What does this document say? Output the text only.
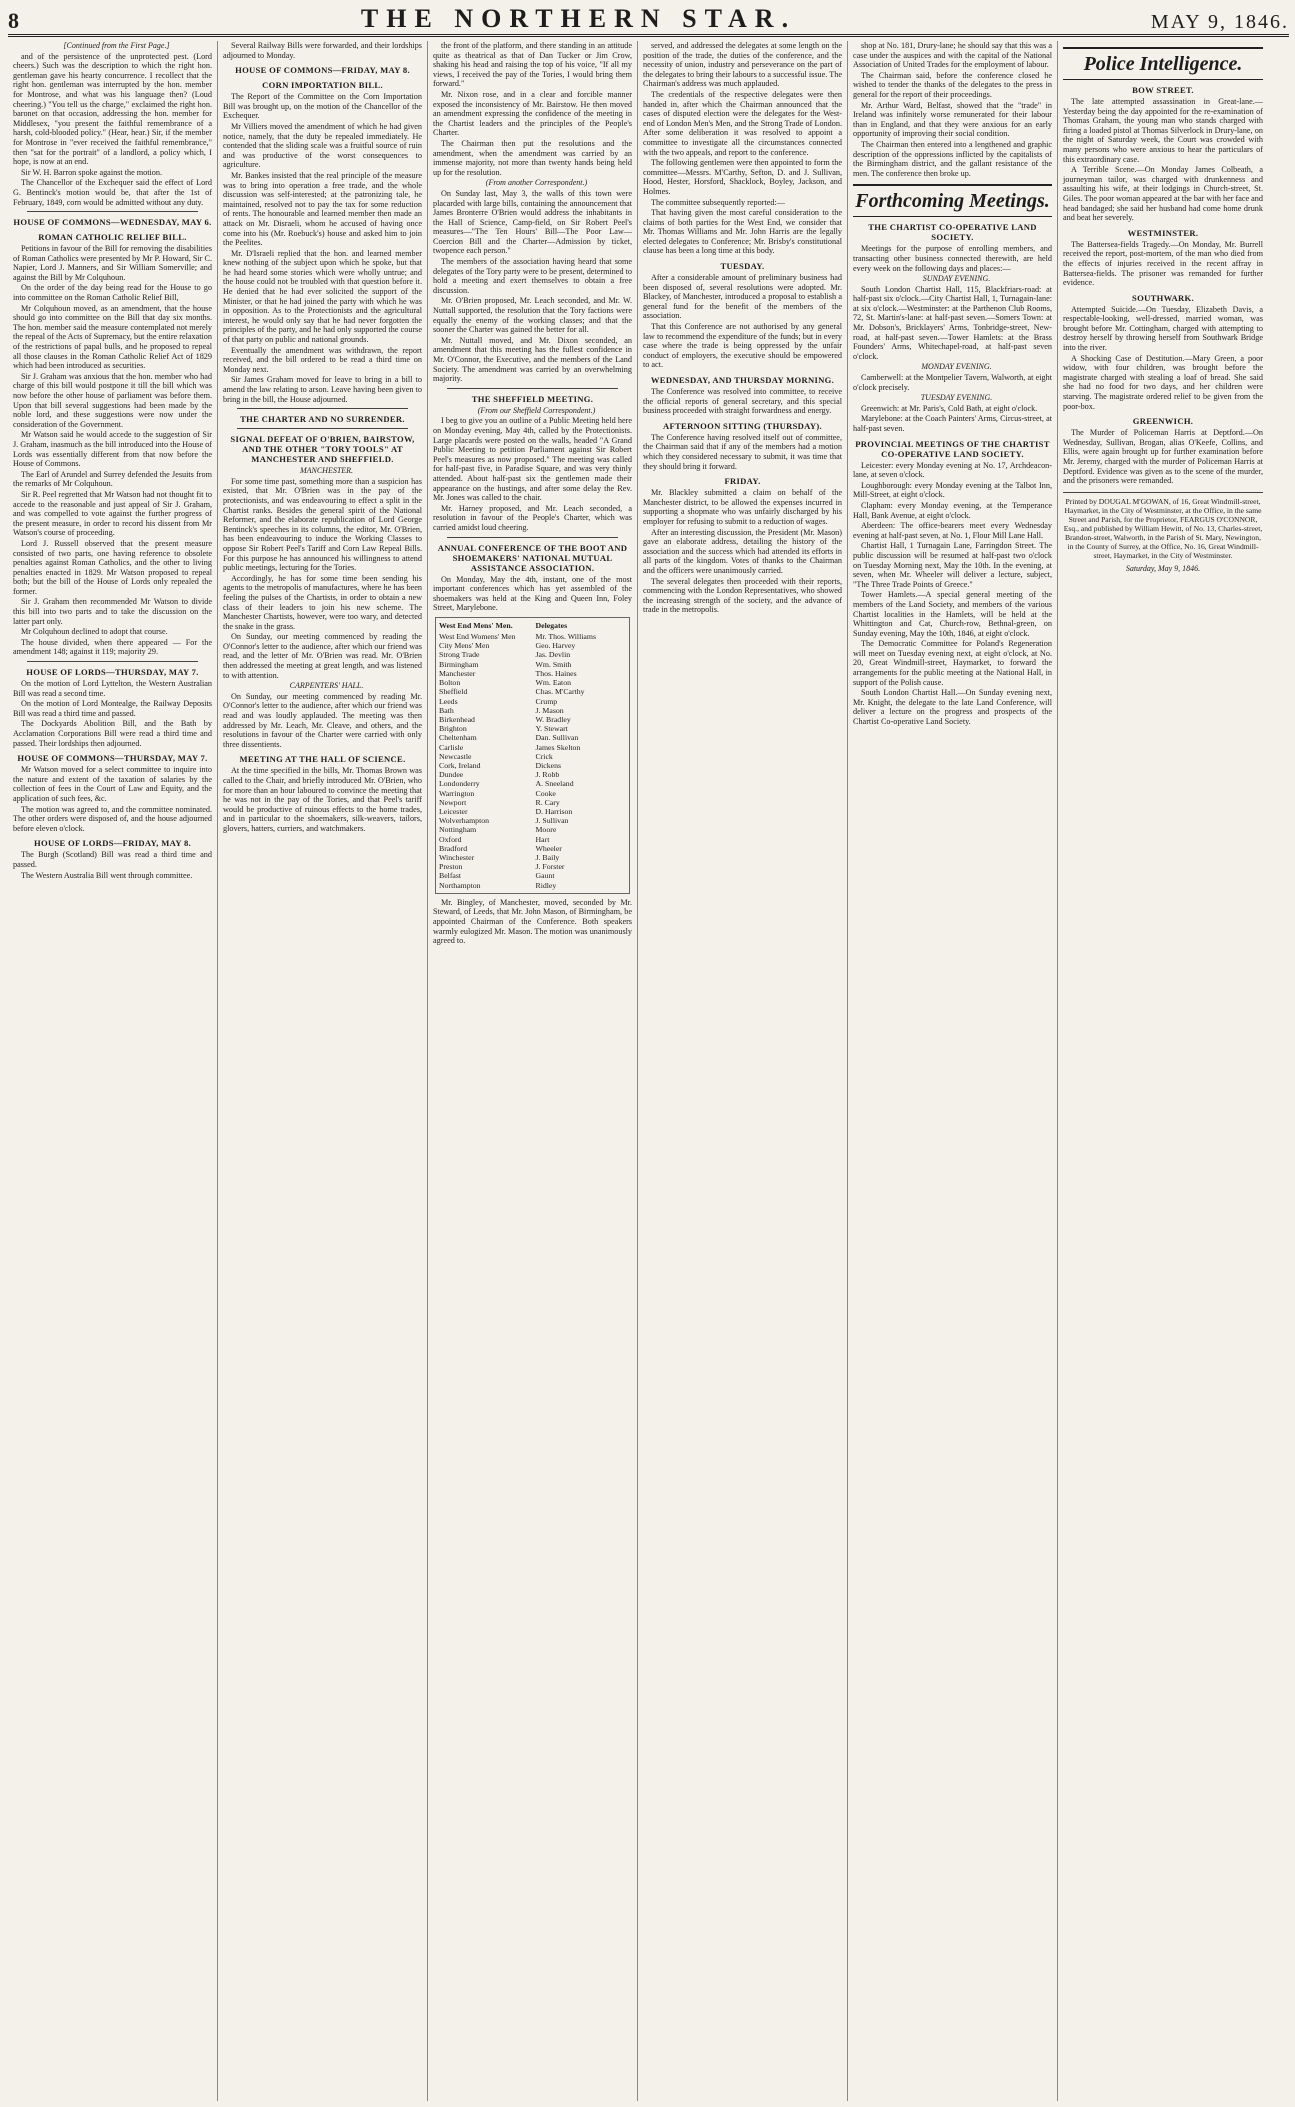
8	THE NORTHERN STAR.	MAY 9, 1846.

[Continued from the First Page.]

and of the persistence of the unprotected pest. (Lord cheers.) Such was the description to which the right hon. gentleman gave his hearty concurrence. I recollect that the right hon. gentleman was interrupted by the hon. member for Montrose, and what was his language then? (Loud cheering.) "You tell us the charge," exclaimed the right hon. baronet on that occasion, addressing the hon. member for Middlesex, "you present the faithful remembrance of a harsh, cold-blooded policy." (Hear, hear.) Sir, if the member for Montrose in "ever received the faithful remembrance," then "sat for the portrait" of a landlord, a policy which, I hope, is now at an end.

Sir W. H. Barron spoke against the motion.

The Chancellor of the Exchequer said the effect of Lord G. Bentinck's motion would be, that after the 1st of February, 1849, corn would be admitted without any duty.

HOUSE OF COMMONS—WEDNESDAY, MAY 6.
ROMAN CATHOLIC RELIEF BILL.

Petitions in favour of the Bill for removing the disabilities of Roman Catholics were presented by Mr P. Howard, Sir C. Napier, Lord J. Manners, and Sir William Somerville; and against the Bill by Mr Colquhoun.

On the order of the day being read for the House to go into committee on the Roman Catholic Relief Bill,

Mr Colquhoun moved, as an amendment, that the house should go into committee on the Bill that day six months. The hon. member said the measure contemplated not merely the repeal of the Acts of Supremacy, but the entire relaxation of the restrictions of papal bulls, and he proposed to repeal all those clauses in the Roman Catholic Relief Act of 1829 which had been introduced as securities.

Sir J. Graham was anxious that the hon. member who had charge of this bill would postpone it till the bill which was now before the other house of parliament was before them. Upon that bill several suggestions had been made by the noble lord, and these suggestions were now under the consideration of the Government.

Mr Watson said he would accede to the suggestion of Sir J. Graham, inasmuch as the bill introduced into the House of Lords was essentially different from that now before the House of Commons.

The Earl of Arundel and Surrey defended the Jesuits from the remarks of Mr Colquhoun.

Sir R. Peel regretted that Mr Watson had not thought fit to accede to the reasonable and just appeal of Sir J. Graham, and was compelled to vote against the further progress of the present measure, in order to record his dissent from Mr Watson's course of proceeding.

Lord J. Russell observed that the present measure consisted of two parts, one having reference to obsolete penalties against Roman Catholics, and the other to living penalties enacted in 1829. Mr Watson proposed to repeal both; but the bill of the House of Lords only repealed the former.

Sir J. Graham then recommended Mr Watson to divide this bill into two parts and to take the discussion on the latter part only.

Mr Colquhoun declined to adopt that course.

The house divided, when there appeared — For the amendment 148; against it 119; majority 29.

HOUSE OF LORDS—THURSDAY, MAY 7.

On the motion of Lord Lyttelton, the Western Australian Bill was read a second time.

On the motion of Lord Montealge, the Railway Deposits Bill was read a third time and passed.

The Dockyards Abolition Bill, and the Bath by Acclamation Corporations Bill were read a third time and passed. Their lordships then adjourned.

HOUSE OF COMMONS—THURSDAY, MAY 7.

Mr Watson moved for a select committee to inquire into the nature and extent of the taxation of salaries by the collection of fees in the Court of Law and Equity, and the application of such fees, &c.

The motion was agreed to, and the committee nominated. The other orders were disposed of, and the house adjourned before eleven o'clock.

HOUSE OF LORDS—FRIDAY, MAY 8.

The Burgh (Scotland) Bill was read a third time and passed.

The Western Australia Bill went through committee.

Several Railway Bills were forwarded, and their lordships adjourned to Monday.

HOUSE OF COMMONS—FRIDAY, MAY 8.
CORN IMPORTATION BILL.

The Report of the Committee on the Corn Importation Bill was brought up, on the motion of the Chancellor of the Exchequer.

Mr Villiers moved the amendment of which he had given notice, namely, that the duty be repealed immediately. He contended that the sliding scale was a fruitful source of ruin and was productive of the worst consequences to agriculture.

Mr. Bankes insisted that the real principle of the measure was to bring into operation a free trade, and the whole discussion was self-interested; at the patronizing tale, he maintained, resolved not to pay the tax for some reduction of rents. The honourable and learned member then made an attack on Mr. Disraeli, whom he accused of having once come into his (Mr. Roebuck's) house and asked him to join the Peelites.

Mr. D'Israeli replied that the hon. and learned member knew nothing of the subject upon which he spoke, but that he had heard some stories which were wholly untrue; and the house could not be troubled with that question before it. He denied that he had ever solicited the support of the Minister, or that he had joined the party with which he was in opposition. As to the Protectionists and the agricultural interest, he would only say that he had never forgotten the principles of the party, and he had only supported the course of that party on public and national grounds.

Eventually the amendment was withdrawn, the report received, and the bill ordered to be read a third time on Monday next.

Sir James Graham moved for leave to bring in a bill to amend the law relating to arson. Leave having been given to bring in the bill, the House adjourned.

THE CHARTER AND NO SURRENDER.
SIGNAL DEFEAT OF O'BRIEN, BAIRSTOW, AND THE OTHER "TORY TOOLS" AT MANCHESTER AND SHEFFIELD.

MANCHESTER.

For some time past, something more than a suspicion has existed, that Mr. O'Brien was in the pay of the protectionists, and was endeavouring to effect a split in the Chartist ranks. Besides the general spirit of the National Reformer, and the elaborate republication of Lord George Bentinck's speeches in its columns, the editor, Mr. O'Brien, has been endeavouring to induce the Working Classes to oppose Sir Robert Peel's Tariff and Corn Law Repeal Bills. For this purpose he has announced his willingness to attend public meetings, lecturing for the Tories.

Accordingly, he has for some time been sending his agents to the metropolis of manufactures, where he has been feeling the pulses of the Chartists, in order to obtain a new class of their leaders to join his new scheme. The Manchester Chartists, however, were too wary, and detected the snake in the grass.

On Sunday, our meeting commenced by reading the O'Connor's letter to the audience, after which our friend was read, and the letter of Mr. O'Brien was read. Mr. O'Brien then addressed the meeting at great length, and was listened to with attention.

CARPENTERS' HALL.

On Sunday, our meeting commenced by reading Mr. O'Connor's letter to the audience, after which our friend was read and was loudly applauded. The meeting was then addressed by Mr. Leach, Mr. Cleave, and others, and the resolutions in favour of the Charter were carried with only three dissentients.

MEETING AT THE HALL OF SCIENCE.

At the time specified in the bills, Mr. Thomas Brown was called to the Chair, and briefly introduced Mr. O'Brien, who for more than an hour laboured to convince the meeting that he was not in the pay of the Tories, and that Peel's tariff would be productive of ruinous effects to the home trades, and in particular to the shoemakers, silk-weavers, tailors, glovers, hatters, curriers, and watchmakers.

the front of the platform, and there standing in an attitude quite as theatrical as that of Dan Tucker or Jim Crow, shaking his head and raising the top of his voice, "If all my views, I received the pay of the Tories, I would bring them forward."

Mr. Nixon rose, and in a clear and forcible manner exposed the inconsistency of Mr. Bairstow. He then moved an amendment expressing the confidence of the meeting in the Chartist leaders and the principles of the People's Charter.

The Chairman then put the resolutions and the amendment, when the amendment was carried by an immense majority, not more than twenty hands being held up for the resolution.

(From another Correspondent.)

On Sunday last, May 3, the walls of this town were placarded with large bills, containing the announcement that James Bronterre O'Brien would address the inhabitants in the Hall of Science, Camp-field, on Sir Robert Peel's measures—"The Ten Hours' Bill—The Poor Law—Coercion Bill and the Charter—Admission by ticket, twopence each person."

The members of the association having heard that some delegates of the Tory party were to be present, determined to hold a meeting and exert themselves to obtain a free discussion.

Mr. O'Brien proposed, Mr. Leach seconded, and Mr. W. Nuttall supported, the resolution that the Tory factions were equally the enemy of the working classes; and that the sooner the Charter was gained the better for all.

Mr. Nuttall moved, and Mr. Dixon seconded, an amendment that this meeting has the fullest confidence in Mr. O'Connor, the Executive, and the members of the Land Society. The amendment was carried by an overwhelming majority.

THE SHEFFIELD MEETING.

(From our Sheffield Correspondent.)

I beg to give you an outline of a Public Meeting held here on Monday evening, May 4th, called by the Protectionists. Large placards were posted on the walls, headed "A Grand Public Meeting to petition Parliament against Sir Robert Peel's measures as now proposed." The meeting was called for half-past five, in Paradise Square, and was very thinly attended. About half-past six the gentlemen made their appearance on the hustings, and after some delay the Rev. Mr. Jones was called to the chair.

Mr. Harney proposed, and Mr. Leach seconded, a resolution in favour of the People's Charter, which was carried amidst loud cheering.

ANNUAL CONFERENCE OF THE BOOT AND SHOEMAKERS' NATIONAL MUTUAL ASSISTANCE ASSOCIATION.

On Monday, May the 4th, instant, one of the most important conferences which has yet assembled of the shoemakers was held at the King and Queen Inn, Foley Street, Marylebone.

West End Mens' Men.
West End Womens' Men
City Mens' Men
Strong Trade
Birmingham
Manchester
Bolton
Sheffield
Leeds
Bath
Birkenhead
Brighton
Cheltenham
Carlisle
Newcastle
Cork, Ireland
Dundee
Londonderry
Warrington
Newport
Leicester
Wolverhampton
Nottingham
Oxford
Bradford
Winchester
Preston
Belfast
Northampton
Delegates
Mr. Thos. Williams
Geo. Harvey
Jas. Devlin
Wm. Smith
Thos. Haines
Wm. Eaton
Chas. M'Carthy
Crump
J. Mason
W. Bradley
Y. Stewart
Dan. Sullivan
James Skelton
Crick
Dickens
J. Robb
A. Sneeland
Cooke
R. Cary
D. Harrison
J. Sullivan
Moore
Hart
Wheeler
J. Baily
J. Forster
Gaunt
Ridley

Mr. Bingley, of Manchester, moved, seconded by Mr. Steward, of Leeds, that Mr. John Mason, of Birmingham, be appointed Chairman of the Conference. Both speakers warmly eulogized Mr. Mason. The motion was unanimously agreed to.

served, and addressed the delegates at some length on the position of the trade, the duties of the conference, and the necessity of union, industry and perseverance on the part of the delegates to bring their labours to a successful issue. The Chairman's address was much applauded.

The credentials of the respective delegates were then handed in, after which the Chairman announced that the cases of disputed election were the delegates for the West-end of London Men's Men, and the Strong Trade of London. After some deliberation it was resolved to appoint a committee to investigate all the circumstances connected with the two appeals, and report to the conference.

The following gentlemen were then appointed to form the committee—Messrs. M'Carthy, Sefton, D. and J. Sullivan, Hood, Hester, Horsford, Shacklock, Boyley, Jackson, and Holmes.

The committee subsequently reported:—

That having given the most careful consideration to the claims of both parties for the West End, we consider that Mr. Thomas Williams and Mr. John Harris are the legally elected delegates to Conference; Mr. Brisby's constitutional clause has been a long time at this body.

TUESDAY.

After a considerable amount of preliminary business had been disposed of, several resolutions were adopted. Mr. Blackey, of Manchester, introduced a proposal to establish a general fund for the benefit of the members of the association.

That this Conference are not authorised by any general law to recommend the expenditure of the funds; but in every case where the trade is being oppressed by the unfair conduct of employers, the executive should be empowered to act.

WEDNESDAY, AND THURSDAY MORNING.

The Conference was resolved into committee, to receive the official reports of general secretary, and this special business proceeded with straight forwardness and energy.

AFTERNOON SITTING (THURSDAY).

The Conference having resolved itself out of committee, the Chairman said that if any of the members had a motion which they considered necessary to submit, it was time that they should bring it forward.

FRIDAY.

Mr. Blackley submitted a claim on behalf of the Manchester district, to be allowed the expenses incurred in supporting a shopmate who was unfairly discharged by his employer for refusing to submit to a reduction of wages.

After an interesting discussion, the President (Mr. Mason) gave an elaborate address, detailing the history of the association and the success which had attended its efforts in all parts of the kingdom. Votes of thanks to the Chairman and the officers were unanimously carried.

The several delegates then proceeded with their reports, commencing with the London Representatives, who showed the increasing strength of the society, and the advance of trade in the metropolis.

shop at No. 181, Drury-lane; he should say that this was a case under the auspices and with the capital of the National Association of United Trades for the employment of labour.

The Chairman said, before the conference closed he wished to tender the thanks of the delegates to the press in general for the report of their proceedings.

Mr. Arthur Ward, Belfast, showed that the "trade" in Ireland was infinitely worse remunerated for their labour than in England, and that they were anxious for an early opportunity of improving their social condition.

The Chairman then entered into a lengthened and graphic description of the oppressions inflicted by the capitalists of the Birmingham district, and the gallant resistance of the men. The conference then broke up.

Forthcoming Meetings.
THE CHARTIST CO-OPERATIVE LAND SOCIETY.

Meetings for the purpose of enrolling members, and transacting other business connected therewith, are held every week on the following days and places:—

SUNDAY EVENING.

South London Chartist Hall, 115, Blackfriars-road: at half-past six o'clock.—City Chartist Hall, 1, Turnagain-lane: at six o'clock.—Westminster: at the Parthenon Club Rooms, 72, St. Martin's-lane: at half-past seven.—Somers Town: at Mr. Dobson's, Bricklayers' Arms, Tonbridge-street, New-road, at half-past seven.—Tower Hamlets: at the Brass Founders' Arms, Whitechapel-road, at half-past seven o'clock.

MONDAY EVENING.

Camberwell: at the Montpelier Tavern, Walworth, at eight o'clock precisely.

TUESDAY EVENING.

Greenwich: at Mr. Paris's, Cold Bath, at eight o'clock.

Marylebone: at the Coach Painters' Arms, Circus-street, at half-past seven.

PROVINCIAL MEETINGS OF THE CHARTIST CO-OPERATIVE LAND SOCIETY.

Leicester: every Monday evening at No. 17, Archdeacon-lane, at seven o'clock.

Loughborough: every Monday evening at the Talbot Inn, Mill-Street, at eight o'clock.

Clapham: every Monday evening, at the Temperance Hall, Bank Avenue, at eight o'clock.

Aberdeen: The office-bearers meet every Wednesday evening at half-past seven, at No. 1, Flour Mill Lane Hall.

Chartist Hall, 1 Turnagain Lane, Farringdon Street. The public discussion will be resumed at half-past two o'clock on Tuesday Morning next, May the 10th. In the evening, at seven, when Mr. Wheeler will deliver a lecture, subject, "The Three Trade Points of Greece."

Tower Hamlets.—A special general meeting of the members of the Land Society, and members of the various Chartist localities in the Hamlets, will be held at the Whittington and Cat, Church-row, Bethnal-green, on Sunday evening, May the 10th, 1846, at eight o'clock.

The Democratic Committee for Poland's Regeneration will meet on Tuesday evening next, at eight o'clock, at No. 20, Great Windmill-street, Haymarket, to forward the arrangements for the public meeting at the National Hall, in support of the Polish cause.

South London Chartist Hall.—On Sunday evening next, Mr. Knight, the delegate to the late Land Conference, will deliver a lecture on the progress and prospects of the Chartist Co-operative Land Society.

Police Intelligence.
BOW STREET.

The late attempted assassination in Great-lane.—Yesterday being the day appointed for the re-examination of Thomas Graham, the young man who stands charged with firing a loaded pistol at Thomas Silverlock in Drury-lane, on the night of Saturday week, the Court was crowded with many persons who were anxious to hear the particulars of this extraordinary case.

A Terrible Scene.—On Monday James Colbeath, a journeyman tailor, was charged with drunkenness and assaulting his wife, at their lodgings in Church-street, St. Giles. The poor woman appeared at the bar with her face and head bandaged; she said her husband had come home drunk and beat her severely.

WESTMINSTER.

The Battersea-fields Tragedy.—On Monday, Mr. Burrell received the report, post-mortem, of the man who died from the effects of injuries received in the recent affray in Battersea-fields. The prisoner was remanded for further evidence.

SOUTHWARK.

Attempted Suicide.—On Tuesday, Elizabeth Davis, a respectable-looking, well-dressed, married woman, was brought before Mr. Cottingham, charged with attempting to destroy herself by throwing herself from Southwark Bridge into the river.

A Shocking Case of Destitution.—Mary Green, a poor widow, with four children, was brought before the magistrate charged with stealing a loaf of bread. She said she had no food for two days, and her children were starving. The magistrate ordered relief to be given from the poor-box.

GREENWICH.

The Murder of Policeman Harris at Deptford.—On Wednesday, Sullivan, Brogan, alias O'Keefe, Collins, and Ellis, were again brought up for further examination before Mr. Jeremy, charged with the murder of Policeman Harris at Deptford. Evidence was given as to the scene of the murder, and the prisoners were remanded.

Printed by DOUGAL M'GOWAN, of 16, Great Windmill-street, Haymarket, in the City of Westminster, at the Office, in the same Street and Parish, for the Proprietor, FEARGUS O'CONNOR, Esq., and published by William Hewitt, of No. 13, Charles-street, Brandon-street, Walworth, in the Parish of St. Mary, Newington, in the County of Surrey, at the Office, No. 16, Great Windmill-street, Haymarket, in the City of Westminster.
Saturday, May 9, 1846.
